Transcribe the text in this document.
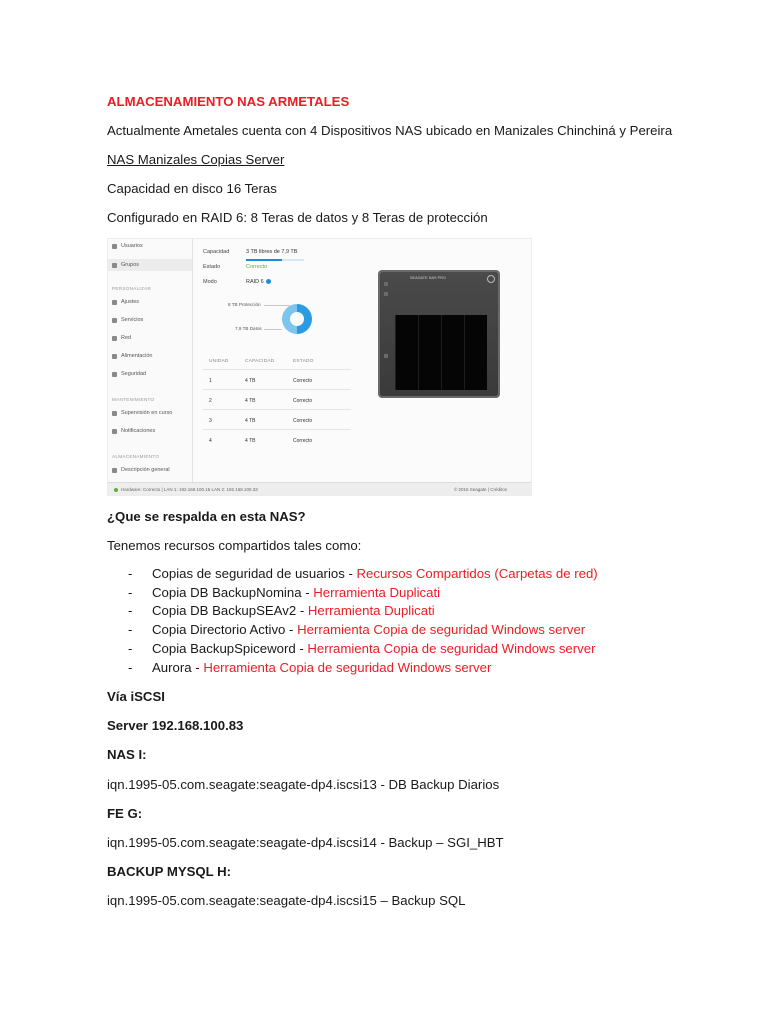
ALMACENAMIENTO NAS ARMETALES

Actualmente Ametales cuenta con 4 Dispositivos NAS ubicado en Manizales Chinchiná y Pereira

NAS Manizales Copias Server

Capacidad en disco 16 Teras

Configurado en RAID 6: 8 Teras de datos y 8 Teras de protección

Usuarios
Grupos
PERSONALIZAR
Ajustes
Servicios
Red
Alimentación
Seguridad
MANTENIMIENTO
Supervisión en curso
Notificaciones
ALMACENAMIENTO
Descripción general
Capacidad	3 TB libres de 7,9 TB
Estado	Correcto
Modo	RAID 6
8 TB Protección
7,9 TB Datos
UNIDAD	CAPACIDAD	ESTADO
1	4 TB	Correcto
2	4 TB	Correcto
3	4 TB	Correcto
4	4 TB	Correcto
SEAGATE NAS PRO
Hardware: Correcto | LAN 1: 192.168.100.16 LAN 2: 192.168.100.33	© 2016 Seagate | Créditos

¿Que se respalda en esta NAS?

Tenemos recursos compartidos tales como:

- Copias de seguridad de usuarios - Recursos Compartidos (Carpetas de red)
- Copia DB BackupNomina - Herramienta Duplicati
- Copia DB BackupSEAv2 - Herramienta Duplicati
- Copia Directorio Activo - Herramienta Copia de seguridad Windows server
- Copia BackupSpiceword - Herramienta Copia de seguridad Windows server
- Aurora - Herramienta Copia de seguridad Windows server

Vía iSCSI

Server 192.168.100.83

NAS I:

iqn.1995-05.com.seagate:seagate-dp4.iscsi13 - DB Backup Diarios

FE G:

iqn.1995-05.com.seagate:seagate-dp4.iscsi14 - Backup – SGI_HBT

BACKUP MYSQL H:

iqn.1995-05.com.seagate:seagate-dp4.iscsi15 – Backup SQL
